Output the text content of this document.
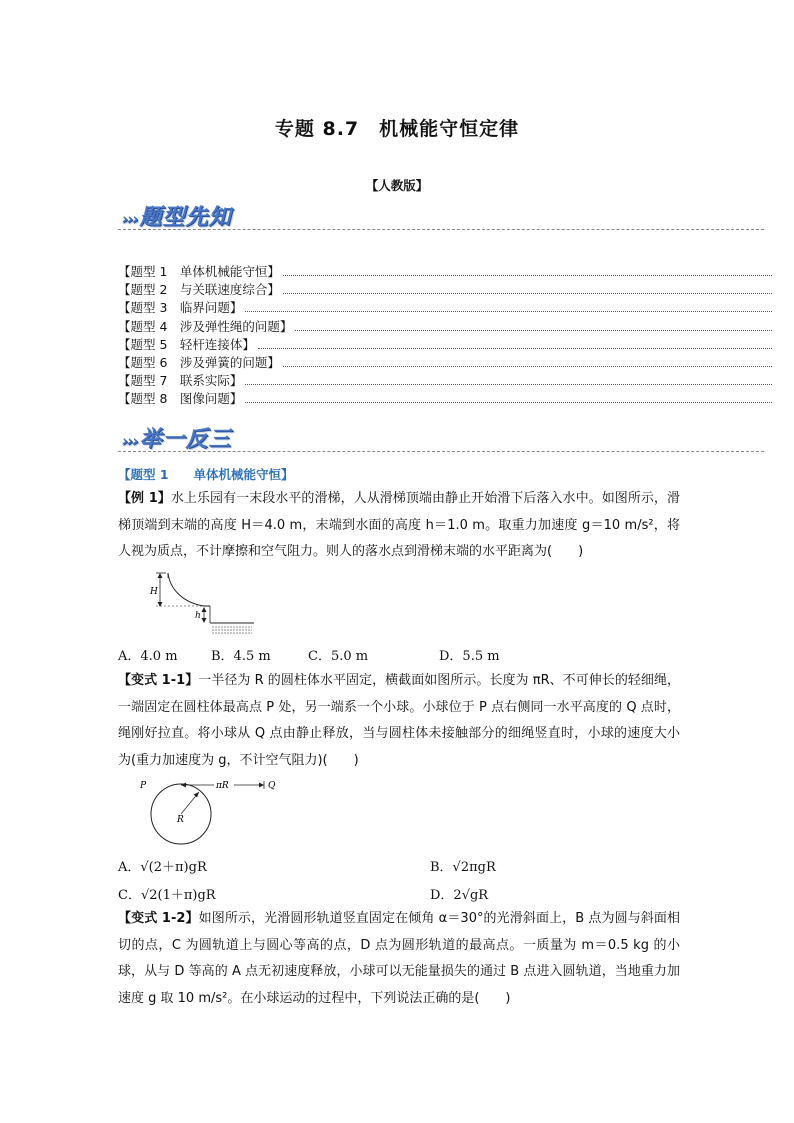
专题 8.7　机械能守恒定律
【人教版】
›››题型先知
【题型 1　单体机械能守恒】
【题型 2　与关联速度综合】
【题型 3　临界问题】
【题型 4　涉及弹性绳的问题】
【题型 5　轻杆连接体】
【题型 6　涉及弹簧的问题】
【题型 7　联系实际】
【题型 8　图像问题】
›››举一反三
【题型 1　　单体机械能守恒】
【例 1】水上乐园有一末段水平的滑梯，人从滑梯顶端由静止开始滑下后落入水中。如图所示，滑梯顶端到末端的高度 H＝4.0 m，末端到水面的高度 h＝1.0 m。取重力加速度 g＝10 m/s²，将人视为质点，不计摩擦和空气阻力。则人的落水点到滑梯末端的水平距离为(　　)
H
h
A．4.0 m	B．4.5 m	C．5.0 m	D．5.5 m
【变式 1-1】一半径为 R 的圆柱体水平固定，横截面如图所示。长度为 πR、不可伸长的轻细绳，一端固定在圆柱体最高点 P 处，另一端系一个小球。小球位于 P 点右侧同一水平高度的 Q 点时，绳刚好拉直。将小球从 Q 点由静止释放，当与圆柱体未接触部分的细绳竖直时，小球的速度大小为(重力加速度为 g，不计空气阻力)(　　)
P	Q
πR
R
A．√(2＋π)gR	B．√2πgR
C．√2(1＋π)gR	D．2√gR
【变式 1-2】如图所示，光滑圆形轨道竖直固定在倾角 α＝30°的光滑斜面上，B 点为圆与斜面相切的点，C 为圆轨道上与圆心等高的点，D 点为圆形轨道的最高点。一质量为 m＝0.5 kg 的小球，从与 D 等高的 A 点无初速度释放，小球可以无能量损失的通过 B 点进入圆轨道，当地重力加速度 g 取 10 m/s²。在小球运动的过程中，下列说法正确的是(　　)
